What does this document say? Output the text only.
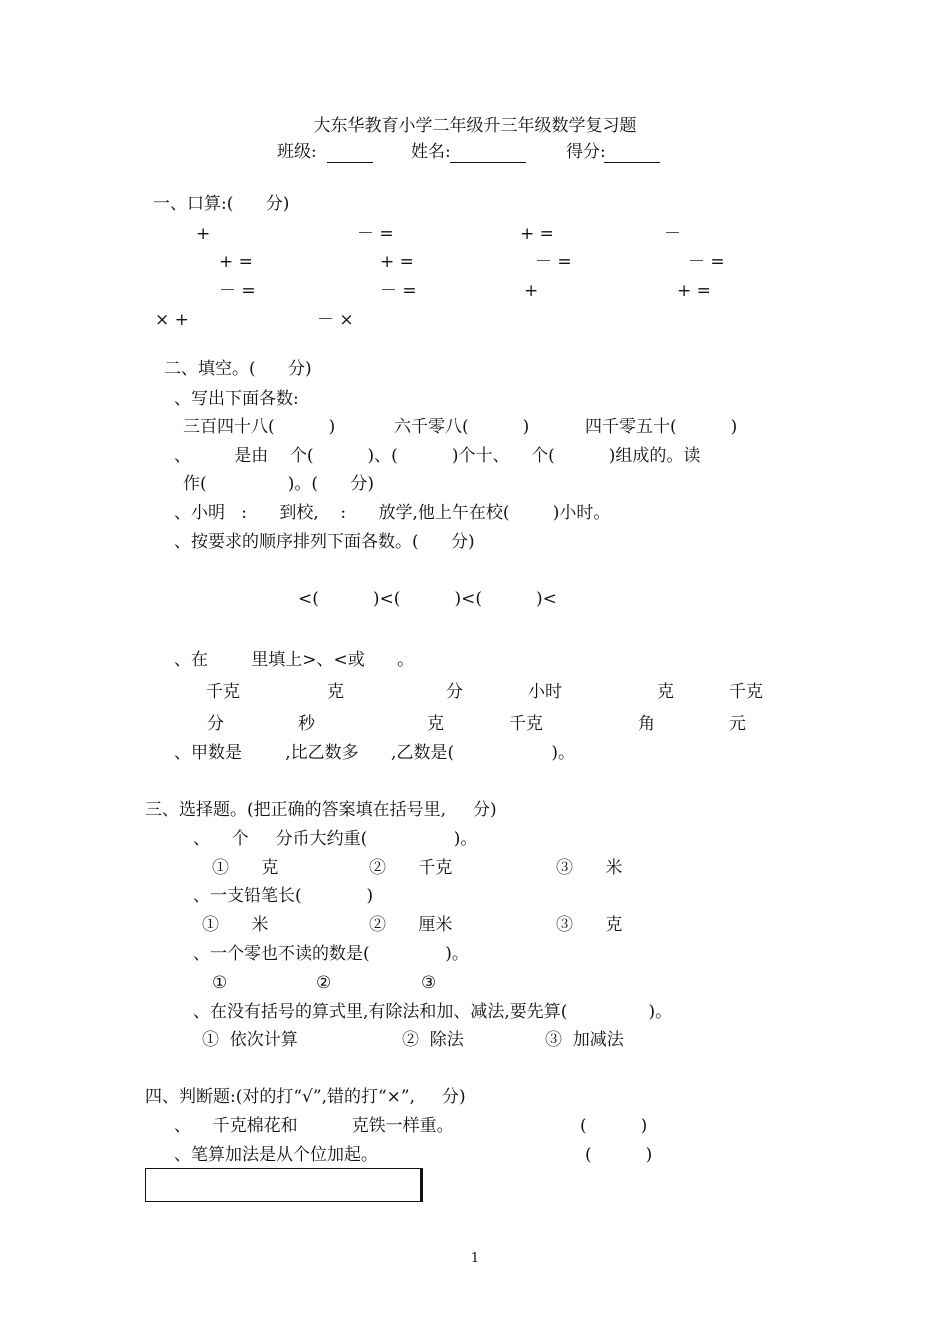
大东华教育小学二年级升三年级数学复习题
班级:	姓名:	得分:
一、口算:(      分)
+	－ =	+ =	－
+ =	+ =	－ =	－ =
－ =	－ =	+	+ =
× +	－ ×
二、填空。(      分)
、写出下面各数:
三百四十八(          )	六千零八(          )	四千零五十(          )
、        是由    个(          )、(          )个十、    个(          )组成的。读
作(               )。(      分)
、小明   :      到校,    :      放学,他上午在校(        )小时。
、按要求的顺序排列下面各数。(      分)
<(          )<(          )<(          )<
、在        里填上>、<或      。
千克	克	分	小时	克	千克
分	秒	克	千克	角	元
、甲数是        ,比乙数多      ,乙数是(                  )。
三、选择题。(把正确的答案填在括号里,     分)
、    个     分币大约重(                )。
①      克	②      千克	③      米
、一支铅笔长(            )
①      米	②      厘米	③      克
、一个零也不读的数是(              )。
①	②	③
、在没有括号的算式里,有除法和加、减法,要先算(               )。
①  依次计算	②  除法	③  加减法
四、判断题:(对的打“√”,错的打“×”,     分)
、    千克棉花和          克铁一样重。	(          )
、笔算加法是从个位加起。	(          )
1
